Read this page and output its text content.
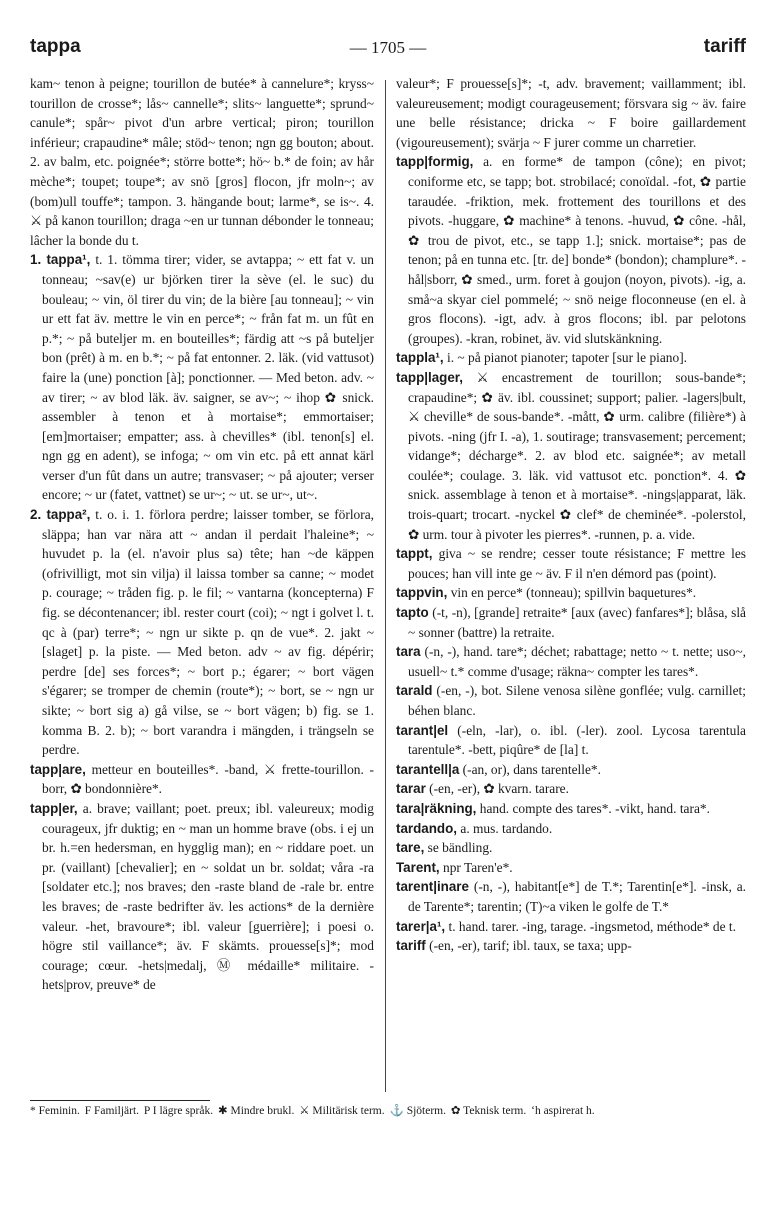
tappa	— 1705 —	tariff

kam~ tenon à peigne; tourillon de butée* à cannelure*; kryss~ tourillon de crosse*; lås~ cannelle*; slits~ languette*; sprund~ canule*; spår~ pivot d'un arbre vertical; piron; tourillon inférieur; crapaudine* mâle; stöd~ tenon; ngn gg bouton; about. 2. av balm, etc. poignée*; större botte*; hö~ b.* de foin; av hår mèche*; toupet; toupe*; av snö [gros] flocon, jfr moln~; av (bom)ull touffe*; tampon. 3. hängande bout; larme*, se is~. 4. ⚔ på kanon tourillon; draga ~en ur tunnan débonder le tonneau; lâcher la bonde du t.

1. tappa¹, t. 1. tömma tirer; vider, se avtappa; ~ ett fat v. un tonneau; ~sav(e) ur björken tirer la sève (el. le suc) du bouleau; ~ vin, öl tirer du vin; de la bière [au tonneau]; ~ vin ur ett fat äv. mettre le vin en perce*; ~ från fat m. un fût en p.*; ~ på buteljer m. en bouteilles*; färdig att ~s på buteljer bon (prêt) à m. en b.*; ~ på fat entonner. 2. läk. (vid vattusot) faire la (une) ponction [à]; ponctionner. — Med beton. adv. ~ av tirer; ~ av blod läk. äv. saigner, se av~; ~ ihop ✿ snick. assembler à tenon et à mortaise*; emmortaiser; [em]mortaiser; empatter; ass. à chevilles* (ibl. tenon[s] el. ngn gg en adent), se infoga; ~ om vin etc. på ett annat kärl verser d'un fût dans un autre; transvaser; ~ på ajouter; verser encore; ~ ur (fatet, vattnet) se ur~; ~ ut. se ur~, ut~.

2. tappa², t. o. i. 1. förlora perdre; laisser tomber, se förlora, släppa; han var nära att ~ andan il perdait l'haleine*; ~ huvudet p. la (el. n'avoir plus sa) tête; han ~de käppen (ofrivilligt, mot sin vilja) il laissa tomber sa canne; ~ modet p. courage; ~ tråden fig. p. le fil; ~ vantarna (koncepterna) F fig. se décontenancer; ibl. rester court (coi); ~ ngt i golvet l. t. qc à (par) terre*; ~ ngn ur sikte p. qn de vue*. 2. jakt ~ [slaget] p. la piste. — Med beton. adv ~ av fig. dépérir; perdre [de] ses forces*; ~ bort p.; égarer; ~ bort vägen s'égarer; se tromper de chemin (route*); ~ bort, se ~ ngn ur sikte; ~ bort sig a) gå vilse, se ~ bort vägen; b) fig. se 1. komma B. 2. b); ~ bort varandra i mängden, i trängseln se perdre.

tapp|are, metteur en bouteilles*. -band, ⚔ frette-tourillon. -borr, ✿ bondonnière*.

tapp|er, a. brave; vaillant; poet. preux; ibl. valeureux; modig courageux, jfr duktig; en ~ man un homme brave (obs. i ej un br. h.=en hedersman, en hygglig man); en ~ riddare poet. un pr. (vaillant) [chevalier]; en ~ soldat un br. soldat; våra -ra [soldater etc.]; nos braves; den -raste bland de -rale br. entre les braves; de -raste bedrifter äv. les actions* de la dernière valeur. -het, bravoure*; ibl. valeur [guerrière]; i poesi o. högre stil vaillance*; äv. F skämts. prouesse[s]*; mod courage; cœur. -hets|medalj, Ⓜ médaille* militaire. -hets|prov, preuve* de

valeur*; F prouesse[s]*; -t, adv. bravement; vaillamment; ibl. valeureusement; modigt courageusement; försvara sig ~ äv. faire une belle résistance; dricka ~ F boire gaillardement (vigoureusement); svärja ~ F jurer comme un charretier.

tapp|formig, a. en forme* de tampon (cône); en pivot; coniforme etc, se tapp; bot. strobilacé; conoïdal. -fot, ✿ partie taraudée. -friktion, mek. frottement des tourillons et des pivots. -huggare, ✿ machine* à tenons. -huvud, ✿ cône. -hål, ✿ trou de pivot, etc., se tapp 1.]; snick. mortaise*; pas de tenon; på en tunna etc. [tr. de] bonde* (bondon); champlure*. -hål|sborr, ✿ smed., urm. foret à goujon (noyon, pivots). -ig, a. små~a skyar ciel pommelé; ~ snö neige floconneuse (en el. à gros flocons). -igt, adv. à gros flocons; ibl. par pelotons (groupes). -kran, robinet, äv. vid slutskänkning.

tappla¹, i. ~ på pianot pianoter; tapoter [sur le piano].

tapp|lager, ⚔ encastrement de tourillon; sous-bande*; crapaudine*; ✿ äv. ibl. coussinet; support; palier. -lagers|bult, ⚔ cheville* de sous-bande*. -mått, ✿ urm. calibre (filière*) à pivots. -ning (jfr I. -a), 1. soutirage; transvasement; percement; vidange*; décharge*. 2. av blod etc. saignée*; av metall coulée*; coulage. 3. läk. vid vattusot etc. ponction*. 4. ✿ snick. assemblage à tenon et à mortaise*. -nings|apparat, läk. trois-quart; trocart. -nyckel ✿ clef* de cheminée*. -polerstol, ✿ urm. tour à pivoter les pierres*. -runnen, p. a. vide.

tappt, giva ~ se rendre; cesser toute résistance; F mettre les pouces; han vill inte ge ~ äv. F il n'en démord pas (point).

tappvin, vin en perce* (tonneau); spillvin baquetures*.

tapto (-t, -n), [grande] retraite* [aux (avec) fanfares*]; blåsa, slå ~ sonner (battre) la retraite.

tara (-n, -), hand. tare*; déchet; rabattage; netto ~ t. nette; uso~, usuell~ t.* comme d'usage; räkna~ compter les tares*.

tarald (-en, -), bot. Silene venosa silène gonflée; vulg. carnillet; béhen blanc.

tarant|el (-eln, -lar), o. ibl. (-ler). zool. Lycosa tarentula tarentule*. -bett, piqûre* de [la] t.

tarantell|a (-an, or), dans tarentelle*.

tarar (-en, -er), ✿ kvarn. tarare.

tara|räkning, hand. compte des tares*. -vikt, hand. tara*.

tardando, a. mus. tardando.

tare, se bändling.

Tarent, npr Taren'e*.

tarent|inare (-n, -), habitant[e*] de T.*; Tarentin[e*]. -insk, a. de Tarente*; tarentin; (T)~a viken le golfe de T.*

tarer|a¹, t. hand. tarer. -ing, tarage. -ingsmetod, méthode* de t.

tariff (-en, -er), tarif; ibl. taux, se taxa; upp-

* Feminin. F Familjärt. P I lägre språk. ✱ Mindre brukl. ⚔ Militärisk term. ⚓ Sjöterm. ✿ Teknisk term. ʻh aspirerat h.
